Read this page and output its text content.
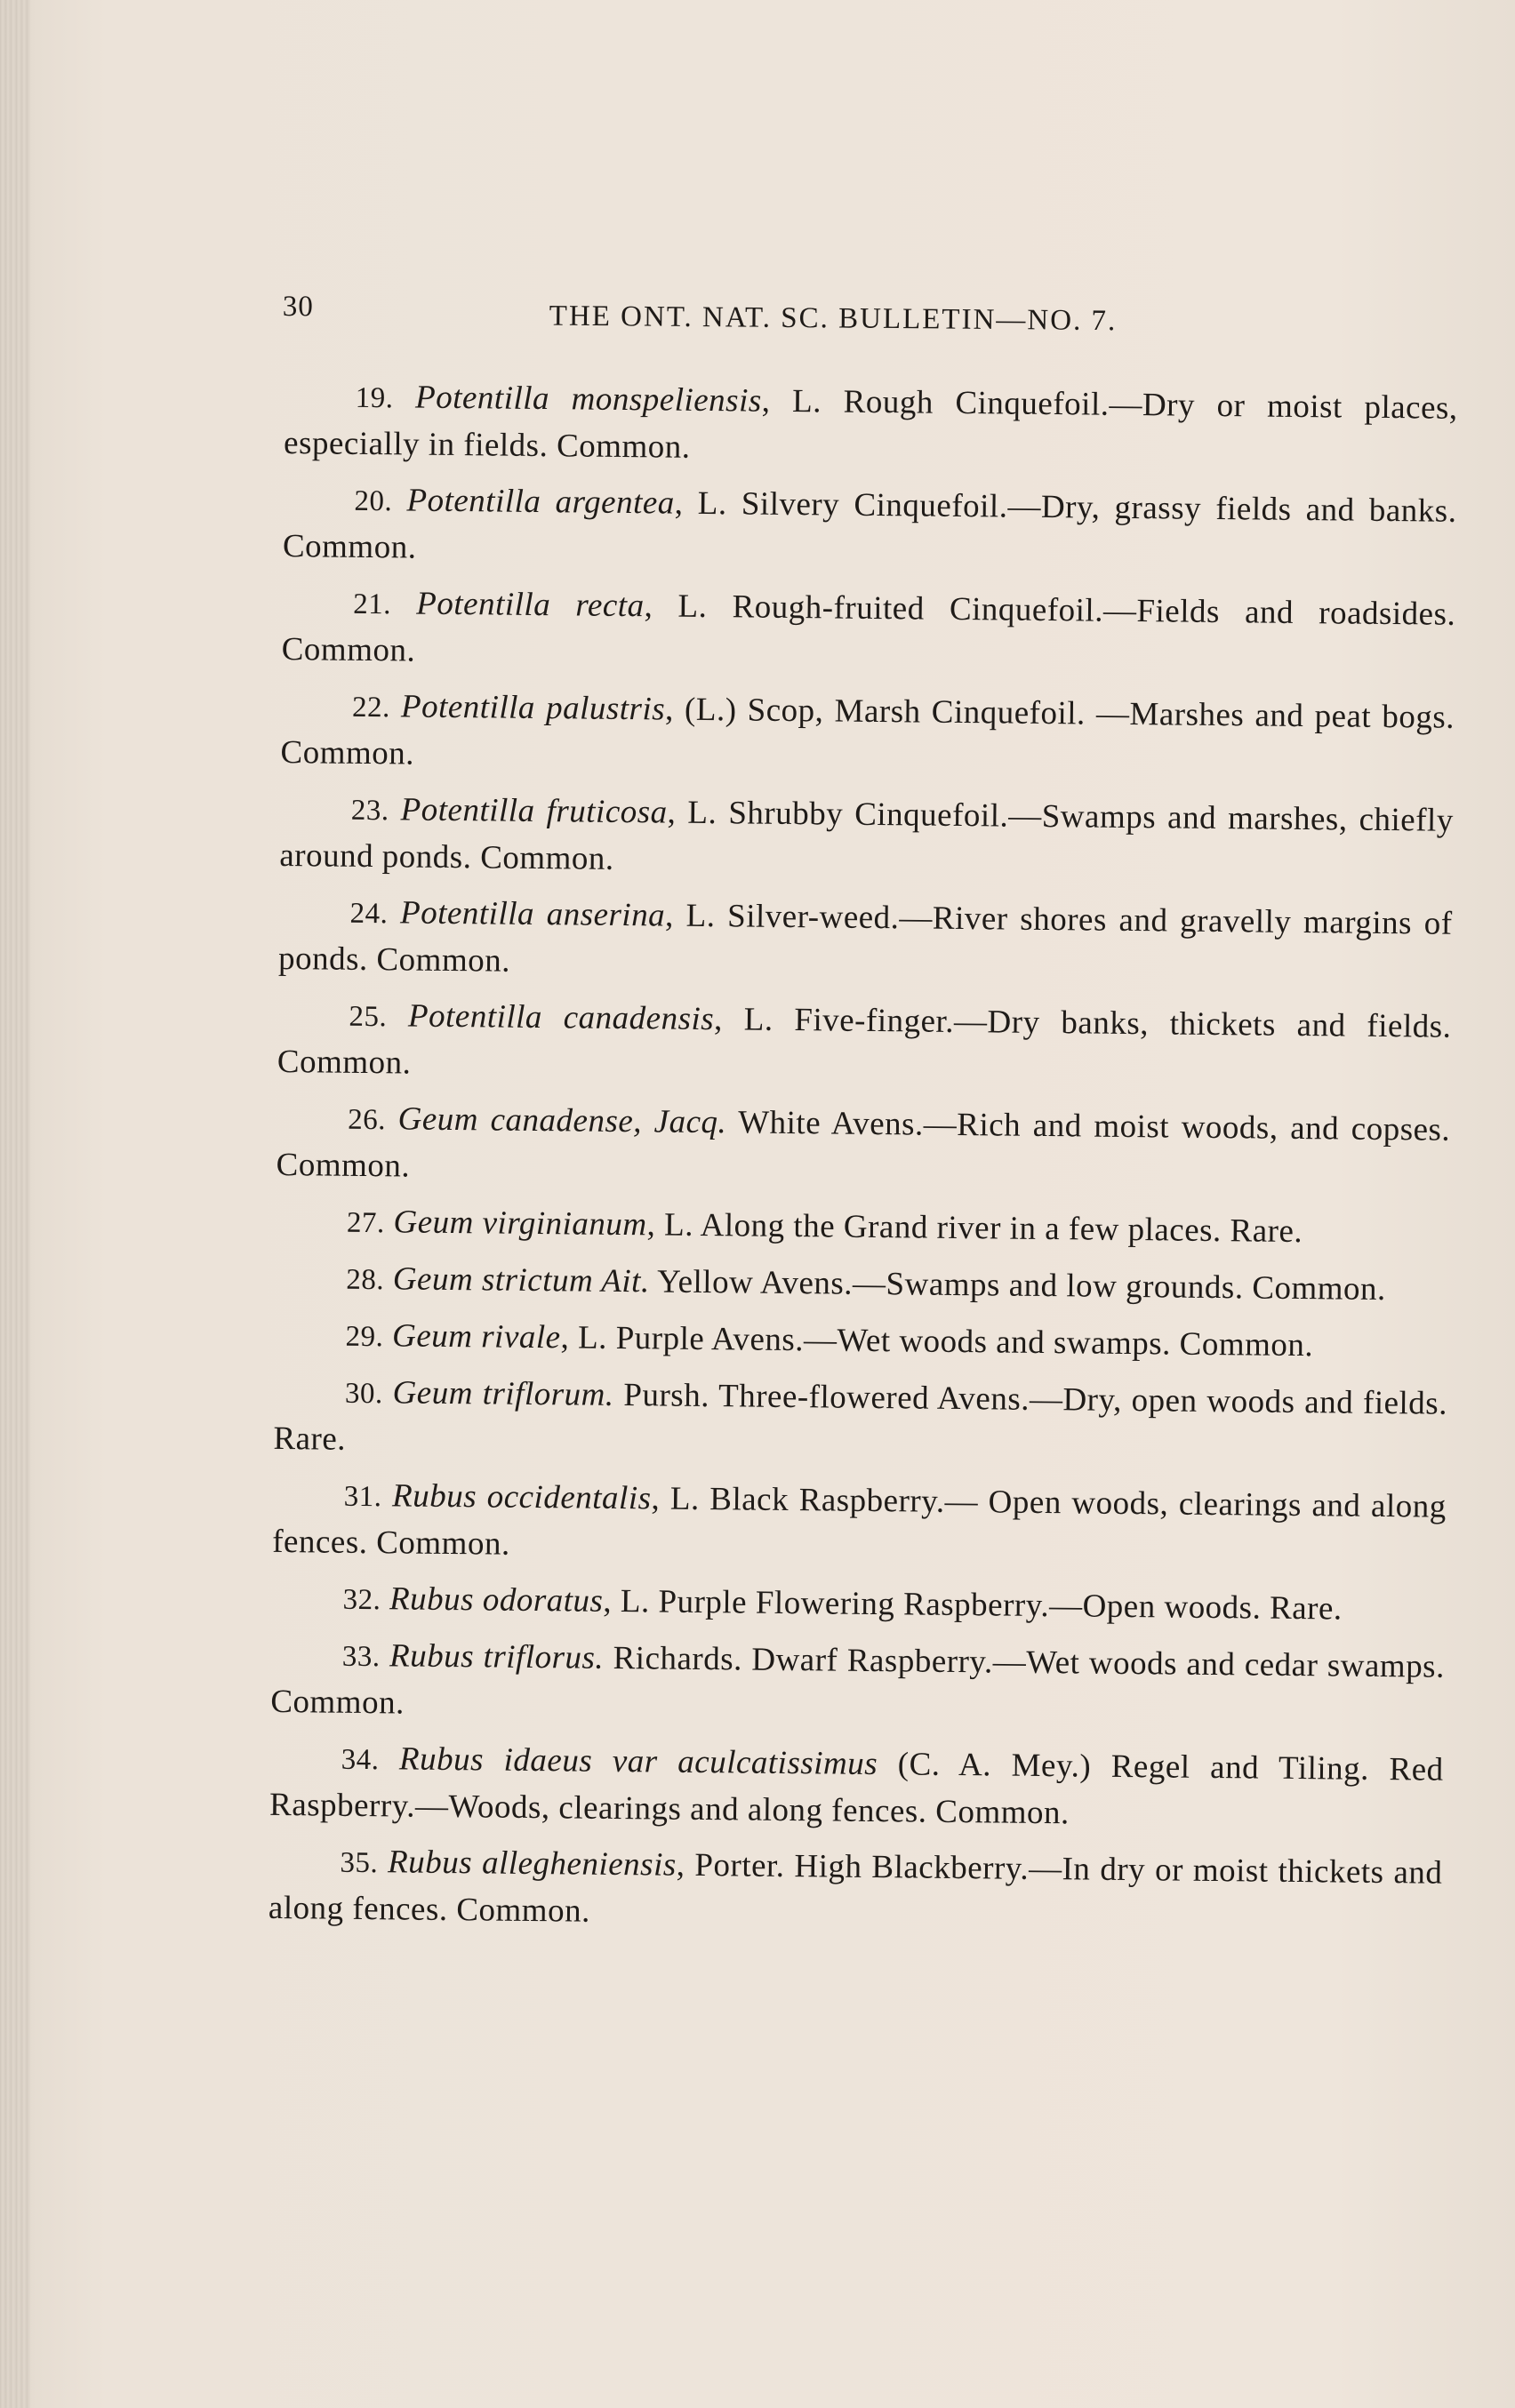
30	THE ONT. NAT. SC. BULLETIN—NO. 7.

19. Potentilla monspeliensis, L. Rough Cinquefoil.—Dry or moist places, especially in fields. Common.

20. Potentilla argentea, L. Silvery Cinquefoil.—Dry, grassy fields and banks. Common.

21. Potentilla recta, L. Rough-fruited Cinquefoil.—Fields and roadsides. Common.

22. Potentilla palustris, (L.) Scop, Marsh Cinquefoil. —Marshes and peat bogs. Common.

23. Potentilla fruticosa, L. Shrubby Cinquefoil.—Swamps and marshes, chiefly around ponds. Common.

24. Potentilla anserina, L. Silver-weed.—River shores and gravelly margins of ponds. Common.

25. Potentilla canadensis, L. Five-finger.—Dry banks, thickets and fields. Common.

26. Geum canadense, Jacq. White Avens.—Rich and moist woods, and copses. Common.

27. Geum virginianum, L. Along the Grand river in a few places. Rare.

28. Geum strictum Ait. Yellow Avens.—Swamps and low grounds. Common.

29. Geum rivale, L. Purple Avens.—Wet woods and swamps. Common.

30. Geum triflorum. Pursh. Three-flowered Avens.—Dry, open woods and fields. Rare.

31. Rubus occidentalis, L. Black Raspberry.— Open woods, clearings and along fences. Common.

32. Rubus odoratus, L. Purple Flowering Raspberry.—Open woods. Rare.

33. Rubus triflorus. Richards. Dwarf Raspberry.—Wet woods and cedar swamps. Common.

34. Rubus idaeus var aculcatissimus (C. A. Mey.) Regel and Tiling. Red Raspberry.—Woods, clearings and along fences. Common.

35. Rubus allegheniensis, Porter. High Blackberry.—In dry or moist thickets and along fences. Common.
